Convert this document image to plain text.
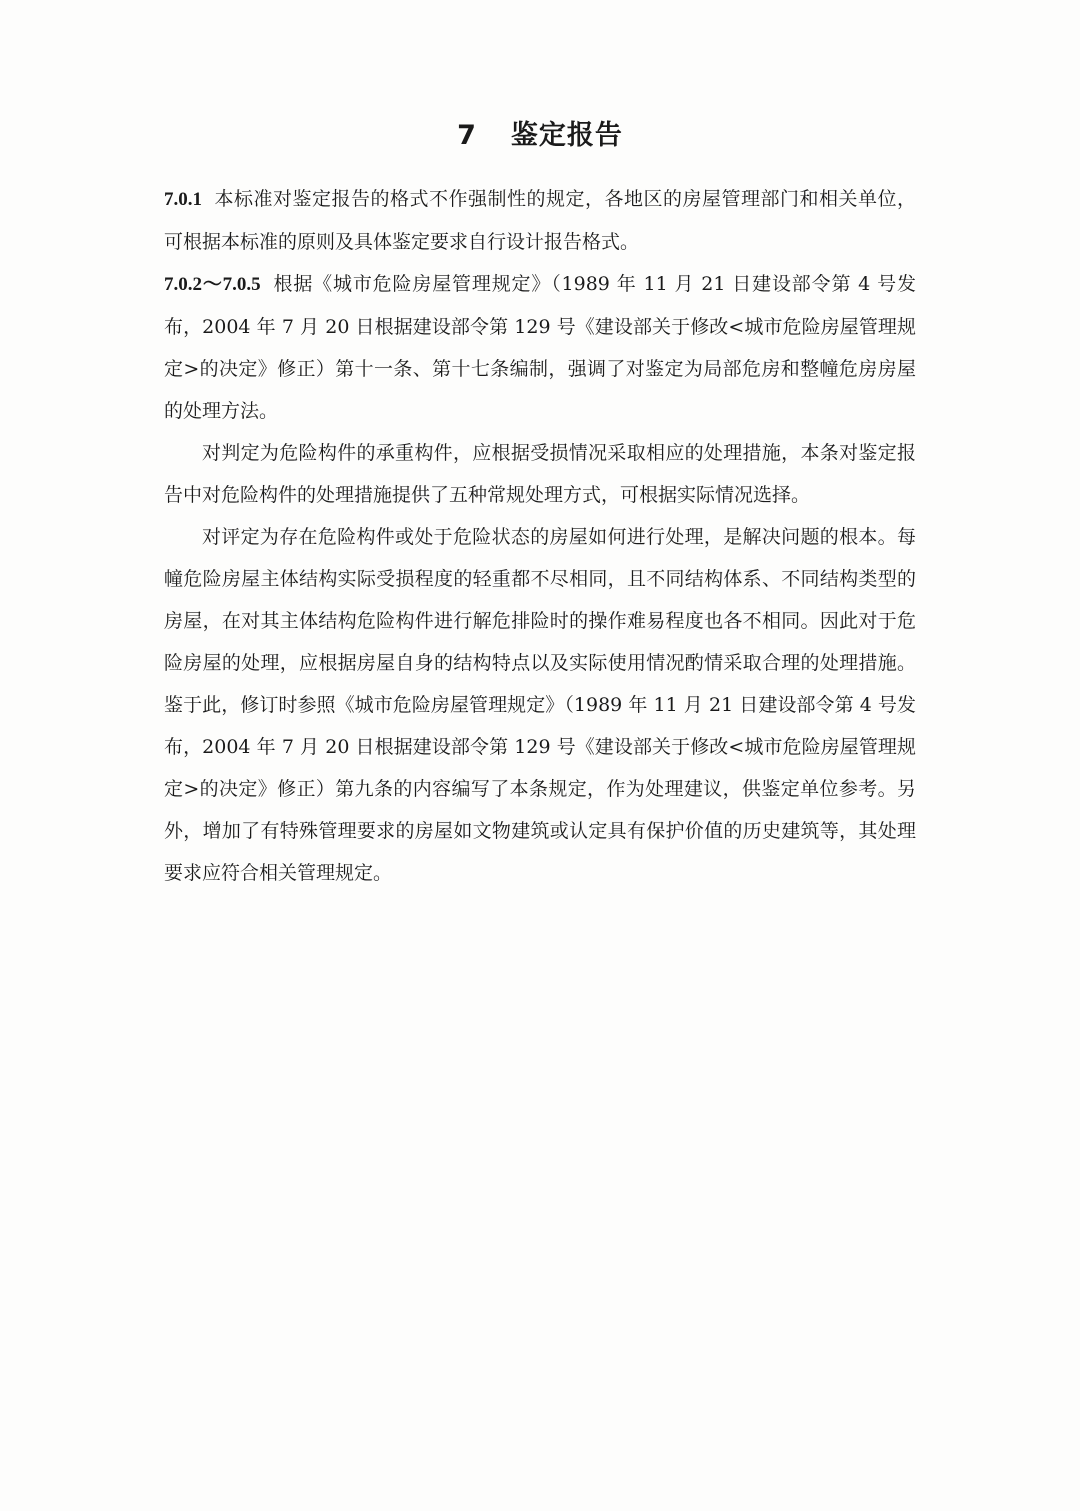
7 鉴定报告

7.0.1 本标准对鉴定报告的格式不作强制性的规定，各地区的房屋管理部门和相关单位，可根据本标准的原则及具体鉴定要求自行设计报告格式。

7.0.2～7.0.5 根据《城市危险房屋管理规定》（1989 年 11 月 21 日建设部令第 4 号发布，2004 年 7 月 20 日根据建设部令第 129 号《建设部关于修改<城市危险房屋管理规定>的决定》修正）第十一条、第十七条编制，强调了对鉴定为局部危房和整幢危房房屋的处理方法。

对判定为危险构件的承重构件，应根据受损情况采取相应的处理措施，本条对鉴定报告中对危险构件的处理措施提供了五种常规处理方式，可根据实际情况选择。

对评定为存在危险构件或处于危险状态的房屋如何进行处理，是解决问题的根本。每幢危险房屋主体结构实际受损程度的轻重都不尽相同，且不同结构体系、不同结构类型的房屋，在对其主体结构危险构件进行解危排险时的操作难易程度也各不相同。因此对于危险房屋的处理，应根据房屋自身的结构特点以及实际使用情况酌情采取合理的处理措施。鉴于此，修订时参照《城市危险房屋管理规定》（1989 年 11 月 21 日建设部令第 4 号发布，2004 年 7 月 20 日根据建设部令第 129 号《建设部关于修改<城市危险房屋管理规定>的决定》修正）第九条的内容编写了本条规定，作为处理建议，供鉴定单位参考。另外，增加了有特殊管理要求的房屋如文物建筑或认定具有保护价值的历史建筑等，其处理要求应符合相关管理规定。
